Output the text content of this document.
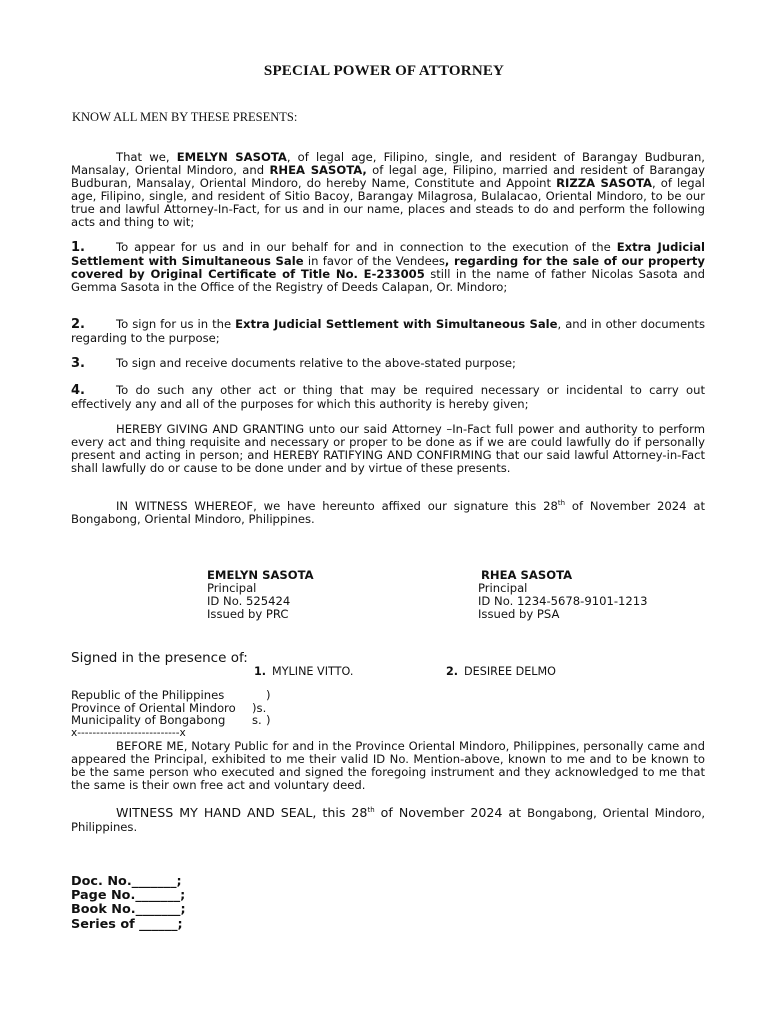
SPECIAL POWER OF ATTORNEY
KNOW ALL MEN BY THESE PRESENTS:
That we, EMELYN SASOTA, of legal age, Filipino, single, and resident of Barangay Budburan, Mansalay, Oriental Mindoro, and RHEA SASOTA, of legal age, Filipino, married and resident of Barangay Budburan, Mansalay, Oriental Mindoro, do hereby Name, Constitute and Appoint RIZZA SASOTA, of legal age, Filipino, single, and resident of Sitio Bacoy, Barangay Milagrosa, Bulalacao, Oriental Mindoro, to be our true and lawful Attorney-In-Fact, for us and in our name, places and steads to do and perform the following acts and thing to wit;
1.	To appear for us and in our behalf for and in connection to the execution of the Extra Judicial Settlement with Simultaneous Sale in favor of the Vendees, regarding for the sale of our property covered by Original Certificate of Title No. E-233005 still in the name of father Nicolas Sasota and Gemma Sasota in the Office of the Registry of Deeds Calapan, Or. Mindoro;
2.	To sign for us in the Extra Judicial Settlement with Simultaneous Sale, and in other documents regarding to the purpose;
3.	To sign and receive documents relative to the above-stated purpose;
4.	To do such any other act or thing that may be required necessary or incidental to carry out effectively any and all of the purposes for which this authority is hereby given;
HEREBY GIVING AND GRANTING unto our said Attorney –In-Fact full power and authority to perform every act and thing requisite and necessary or proper to be done as if we are could lawfully do if personally present and acting in person; and HEREBY RATIFYING AND CONFIRMING that our said lawful Attorney-in-Fact shall lawfully do or cause to be done under and by virtue of these presents.
IN WITNESS WHEREOF, we have hereunto affixed our signature this 28th of November 2024 at Bongabong, Oriental Mindoro, Philippines.
EMELYN SASOTA
Principal
ID No. 525424
Issued by PRC
RHEA SASOTA
Principal
ID No. 1234-5678-9101-1213
Issued by PSA
Signed in the presence of:
1. MYLINE VITTO.	2. DESIREE DELMO
Republic of the Philippines	)
Province of Oriental Mindoro )s. s.
Municipality of Bongabong	)
x---------------------------x
BEFORE ME, Notary Public for and in the Province Oriental Mindoro, Philippines, personally came and appeared the Principal, exhibited to me their valid ID No. Mention-above, known to me and to be known to be the same person who executed and signed the foregoing instrument and they acknowledged to me that the same is their own free act and voluntary deed.
WITNESS MY HAND AND SEAL, this 28th of November 2024 at Bongabong, Oriental Mindoro, Philippines.
Doc. No._______;
Page No._______;
Book No._______;
Series of ______;
